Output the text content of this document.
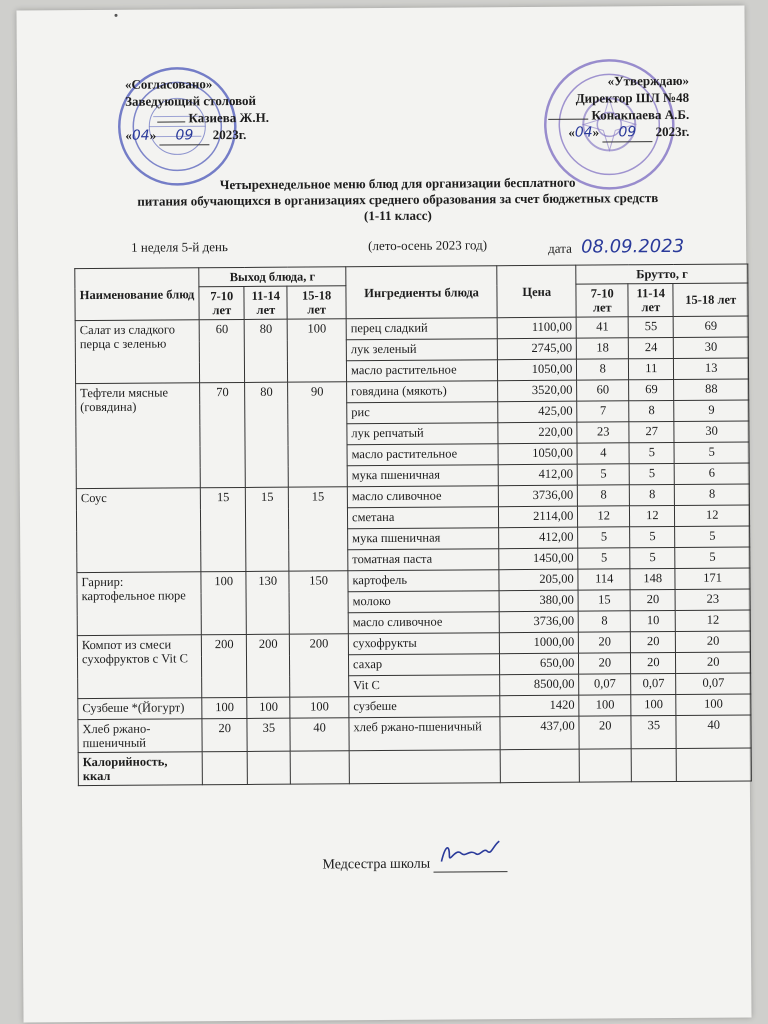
«Согласовано»
Заведующий столовой
Казиева Ж.Н.
«04» 09 2023г.
«Утверждаю»
Директор ШЛ №48
Конакпаева А.Б.
«04» 09 2023г.
Четырехнедельное меню блюд для организации бесплатного
питания обучающихся в организациях среднего образования за счет бюджетных средств
(1-11 класс)
1 неделя 5-й день	(лето-осень 2023 год)	дата 08.09.2023
Наименование блюд	Выход блюда, г			Ингредиенты блюда	Цена	Брутто, г		
	7-10 лет	11-14 лет	15-18 лет			7-10 лет	11-14 лет	15-18 лет
Салат из сладкого перца с зеленью	60	80	100	перец сладкий	1100,00	41	55	69
				лук зеленый	2745,00	18	24	30
				масло растительное	1050,00	8	11	13
Тефтели мясные (говядина)	70	80	90	говядина (мякоть)	3520,00	60	69	88
				рис	425,00	7	8	9
				лук репчатый	220,00	23	27	30
				масло растительное	1050,00	4	5	5
				мука пшеничная	412,00	5	5	6
Соус	15	15	15	масло сливочное	3736,00	8	8	8
				сметана	2114,00	12	12	12
				мука пшеничная	412,00	5	5	5
				томатная паста	1450,00	5	5	5
Гарнир: картофельное пюре	100	130	150	картофель	205,00	114	148	171
				молоко	380,00	15	20	23
				масло сливочное	3736,00	8	10	12
Компот из смеси сухофруктов с Vit C	200	200	200	сухофрукты	1000,00	20	20	20
				сахар	650,00	20	20	20
				Vit C	8500,00	0,07	0,07	0,07
Сузбеше *(Йогурт)	100	100	100	сузбеше	1420	100	100	100
Хлеб ржано-пшеничный	20	35	40	хлеб ржано-пшеничный	437,00	20	35	40
Калорийность, ккал								
Медсестра школы
